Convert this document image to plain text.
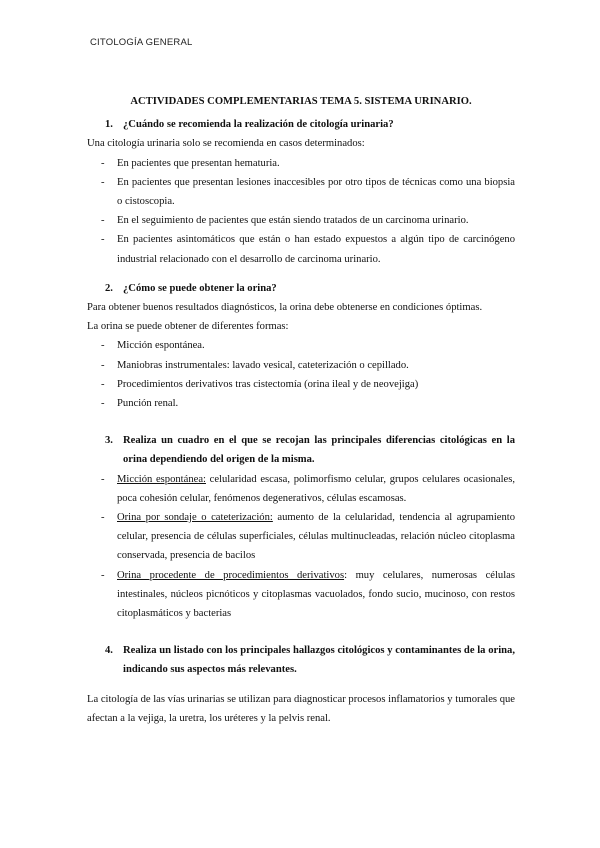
CITOLOGÍA GENERAL
ACTIVIDADES COMPLEMENTARIAS TEMA 5. SISTEMA URINARIO.
1. ¿Cuándo se recomienda la realización de citología urinaria?

Una citología urinaria solo se recomienda en casos determinados:

-	En pacientes que presentan hematuria.
-	En pacientes que presentan lesiones inaccesibles por otro tipos de técnicas como una biopsia o cistoscopia.
-	En el seguimiento de pacientes que están siendo tratados de un carcinoma urinario.
-	En pacientes asintomáticos que están o han estado expuestos a algún tipo de carcinógeno industrial relacionado con el desarrollo de carcinoma urinario.
2. ¿Cómo se puede obtener la orina?

Para obtener buenos resultados diagnósticos, la orina debe obtenerse en condiciones óptimas.

La orina se puede obtener de diferentes formas:

-	Micción espontánea.
-	Maniobras instrumentales: lavado vesical, cateterización o cepillado.
-	Procedimientos derivativos tras cistectomía (orina ileal y de neovejiga)
-	Punción renal.
3. Realiza un cuadro en el que se recojan las principales diferencias citológicas en la orina dependiendo del origen de la misma.
-	Micción espontánea: celularidad escasa, polimorfismo celular, grupos celulares ocasionales, poca cohesión celular, fenómenos degenerativos, células escamosas.
-	Orina por sondaje o cateterización: aumento de la celularidad, tendencia al agrupamiento celular, presencia de células superficiales, células multinucleadas, relación núcleo citoplasma conservada, presencia de bacilos
-	Orina procedente de procedimientos derivativos: muy celulares, numerosas células intestinales, núcleos picnóticos y citoplasmas vacuolados, fondo sucio, mucinoso, con restos citoplasmáticos y bacterias
4. Realiza un listado con los principales hallazgos citológicos y contaminantes de la orina, indicando sus aspectos más relevantes.

La citología de las vías urinarias se utilizan para diagnosticar procesos inflamatorios y tumorales que afectan a la vejiga, la uretra, los uréteres y la pelvis renal.
